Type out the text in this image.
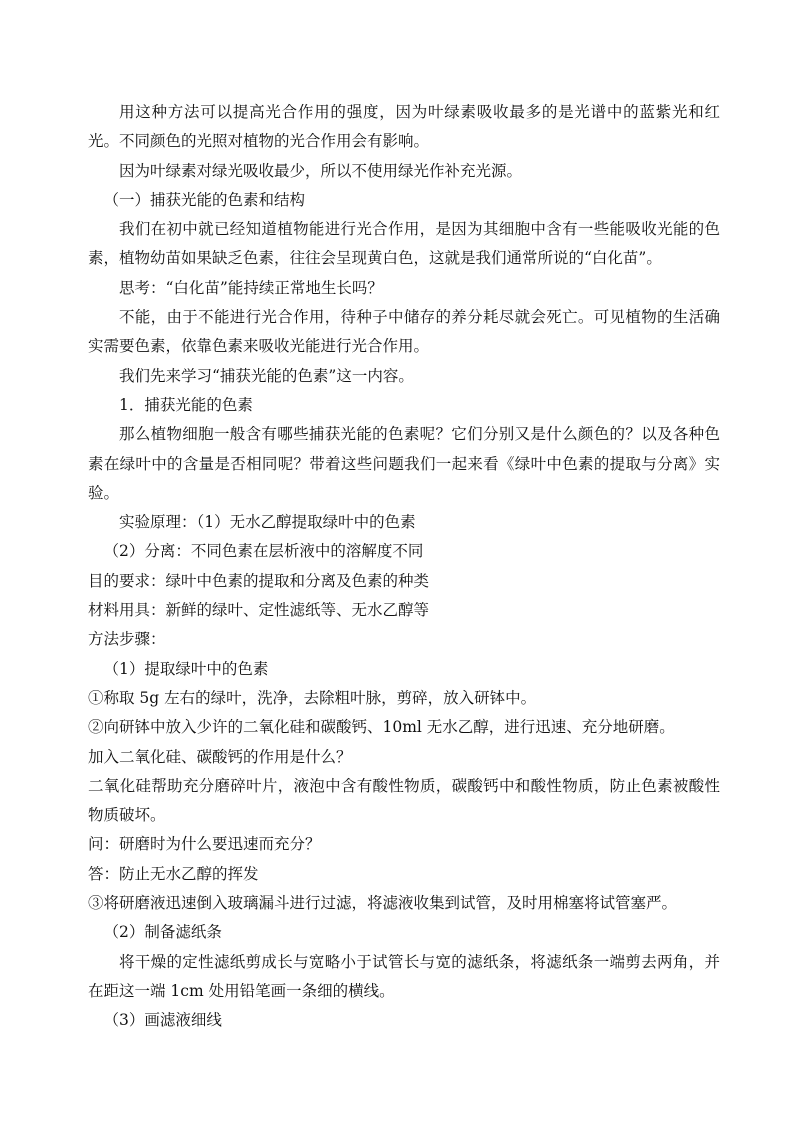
用这种方法可以提高光合作用的强度，因为叶绿素吸收最多的是光谱中的蓝紫光和红光。不同颜色的光照对植物的光合作用会有影响。

因为叶绿素对绿光吸收最少，所以不使用绿光作补充光源。

（一）捕获光能的色素和结构

我们在初中就已经知道植物能进行光合作用，是因为其细胞中含有一些能吸收光能的色素，植物幼苗如果缺乏色素，往往会呈现黄白色，这就是我们通常所说的“白化苗”。

思考：“白化苗”能持续正常地生长吗？

不能，由于不能进行光合作用，待种子中储存的养分耗尽就会死亡。可见植物的生活确实需要色素，依靠色素来吸收光能进行光合作用。

我们先来学习“捕获光能的色素”这一内容。

1．捕获光能的色素

那么植物细胞一般含有哪些捕获光能的色素呢？它们分别又是什么颜色的？以及各种色素在绿叶中的含量是否相同呢？带着这些问题我们一起来看《绿叶中色素的提取与分离》实验。

实验原理：（1）无水乙醇提取绿叶中的色素

（2）分离：不同色素在层析液中的溶解度不同

目的要求：绿叶中色素的提取和分离及色素的种类

材料用具：新鲜的绿叶、定性滤纸等、无水乙醇等

方法步骤：

（1）提取绿叶中的色素

①称取 5g 左右的绿叶，洗净，去除粗叶脉，剪碎，放入研钵中。

②向研钵中放入少许的二氧化硅和碳酸钙、10ml 无水乙醇，进行迅速、充分地研磨。

加入二氧化硅、碳酸钙的作用是什么？

二氧化硅帮助充分磨碎叶片，液泡中含有酸性物质，碳酸钙中和酸性物质，防止色素被酸性物质破坏。

问：研磨时为什么要迅速而充分？

答：防止无水乙醇的挥发

③将研磨液迅速倒入玻璃漏斗进行过滤，将滤液收集到试管，及时用棉塞将试管塞严。

（2）制备滤纸条

将干燥的定性滤纸剪成长与宽略小于试管长与宽的滤纸条，将滤纸条一端剪去两角，并在距这一端 1cm 处用铅笔画一条细的横线。

（3）画滤液细线
